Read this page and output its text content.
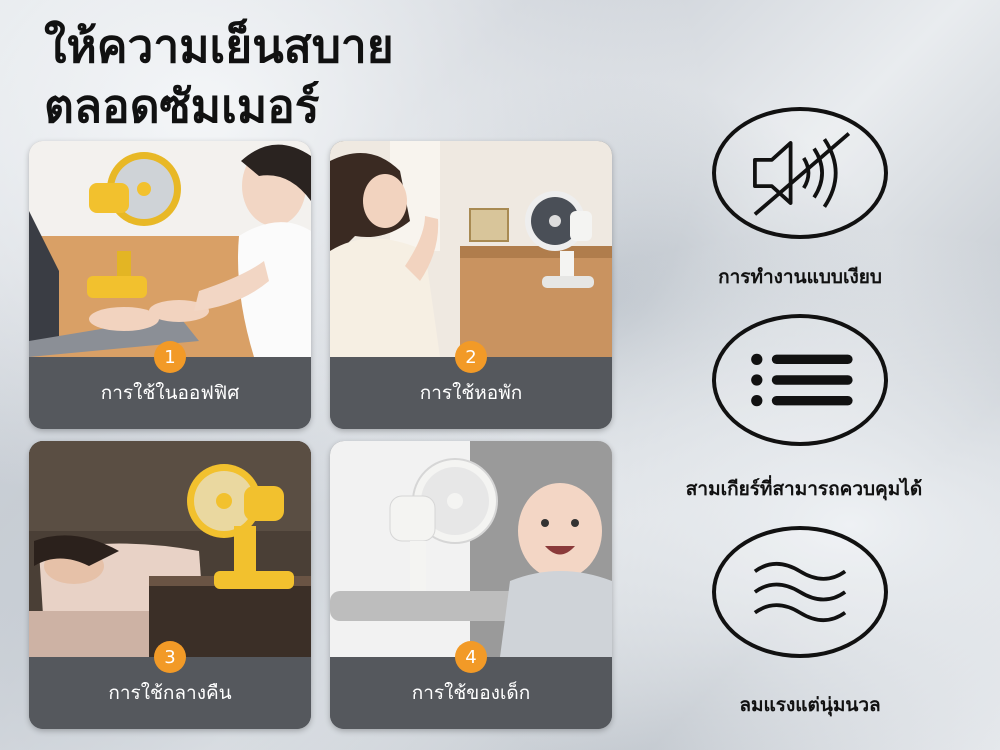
ให้ความเย็นสบาย
ตลอดซัมเมอร์
1
การใช้ในออฟฟิศ
2
การใช้หอพัก
3
การใช้กลางคืน
4
การใช้ของเด็ก
การทำงานแบบเงียบ
สามเกียร์ที่สามารถควบคุมได้
ลมแรงแต่นุ่มนวล
